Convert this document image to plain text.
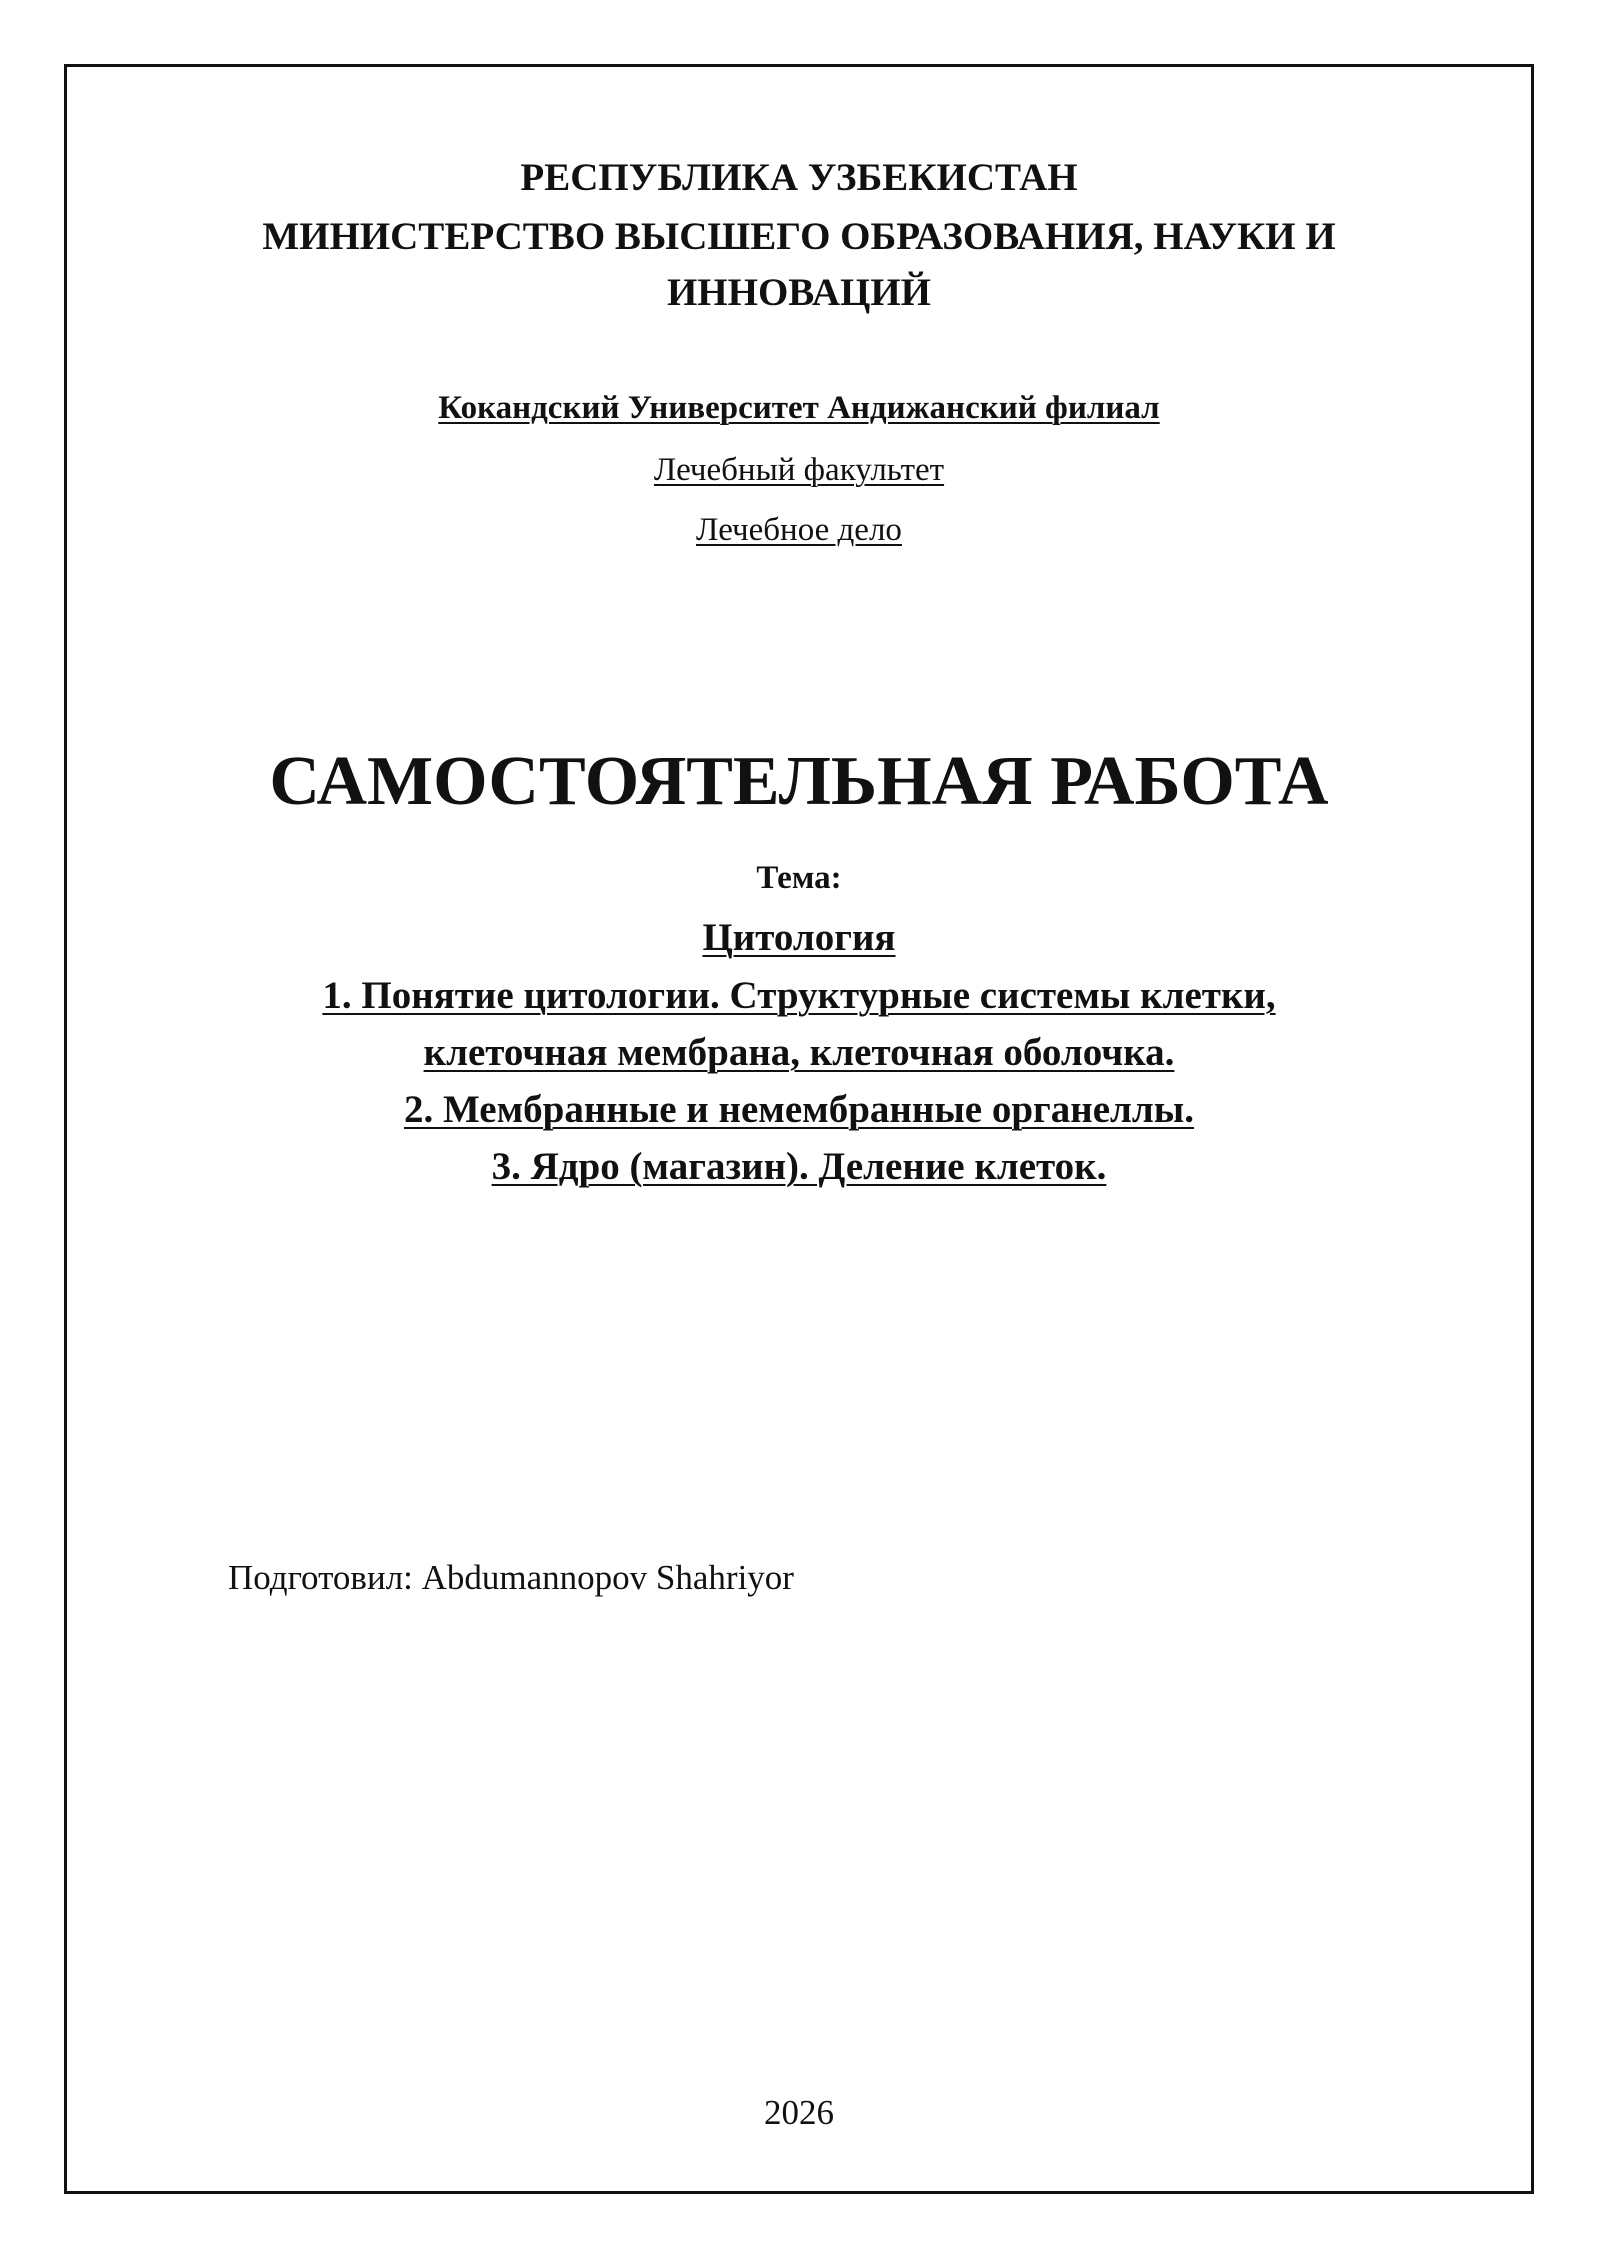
РЕСПУБЛИКА УЗБЕКИСТАН
МИНИСТЕРСТВО ВЫСШЕГО ОБРАЗОВАНИЯ, НАУКИ И
ИННОВАЦИЙ
Кокандский Университет Андижанский филиал
Лечебный факультет
Лечебное дело
САМОСТОЯТЕЛЬНАЯ РАБОТА
Тема:
Цитология
1. Понятие цитологии. Структурные системы клетки,
клеточная мембрана, клеточная оболочка.
2. Мембранные и немембранные органеллы.
3. Ядро (магазин). Деление клеток.
Подготовил: Abdumannopov Shahriyor
2026
